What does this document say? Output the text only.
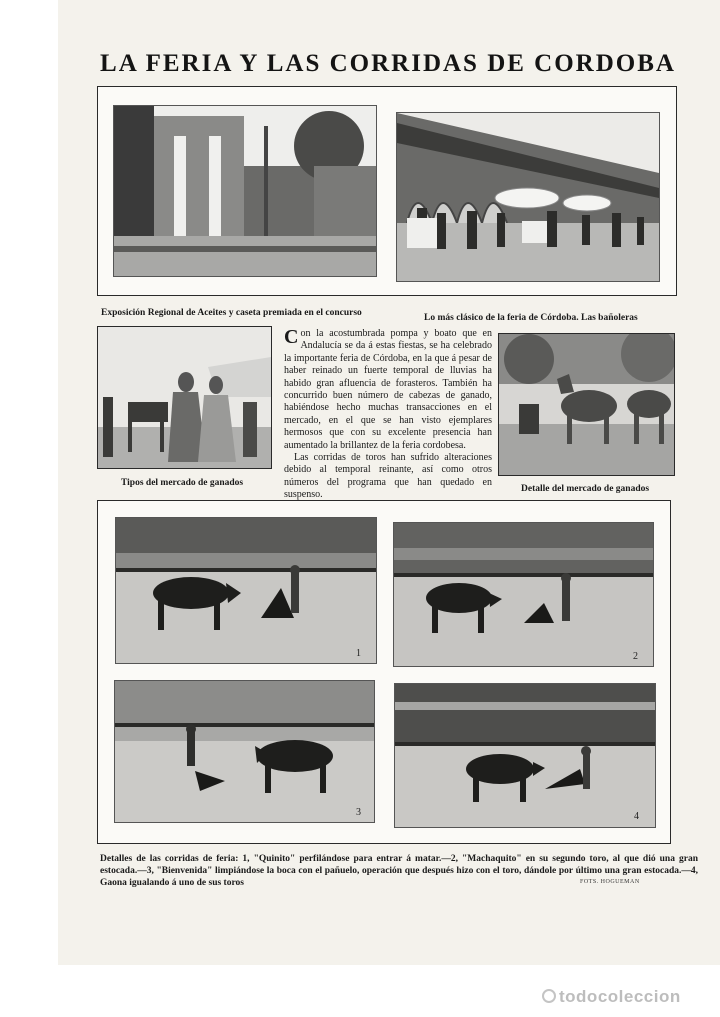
LA FERIA Y LAS CORRIDAS DE CORDOBA
Exposición Regional de Aceites y caseta premiada en el concurso	Lo más clásico de la feria de Córdoba. Las bañoleras

Con la acostumbrada pompa y boato que en Andalucía se da á estas fiestas, se ha celebrado la importante feria de Córdoba, en la que á pesar de haber reinado un fuerte temporal de lluvias ha habido gran afluencia de forasteros. También ha concurrido buen número de cabezas de ganado, habiéndose hecho muchas transacciones en el mercado, en el que se han visto ejemplares hermosos que con su excelente presencia han aumentado la brillantez de la feria cordobesa.

Las corridas de toros han sufrido alteraciones debido al temporal reinante, así como otros números del programa que han quedado en suspenso.

Tipos del mercado de ganados
Detalle del mercado de ganados
1	2
3	4
Detalles de las corridas de feria: 1, "Quinito" perfilándose para entrar á matar.—2, "Machaquito" en su segundo toro, al que dió una gran estocada.—3, "Bienvenida" limpiándose la boca con el pañuelo, operación que después hizo con el toro, dándole por último una gran estocada.—4, Gaona igualando á uno de sus toros	FOTS. HOGUEMAN
todocoleccion
